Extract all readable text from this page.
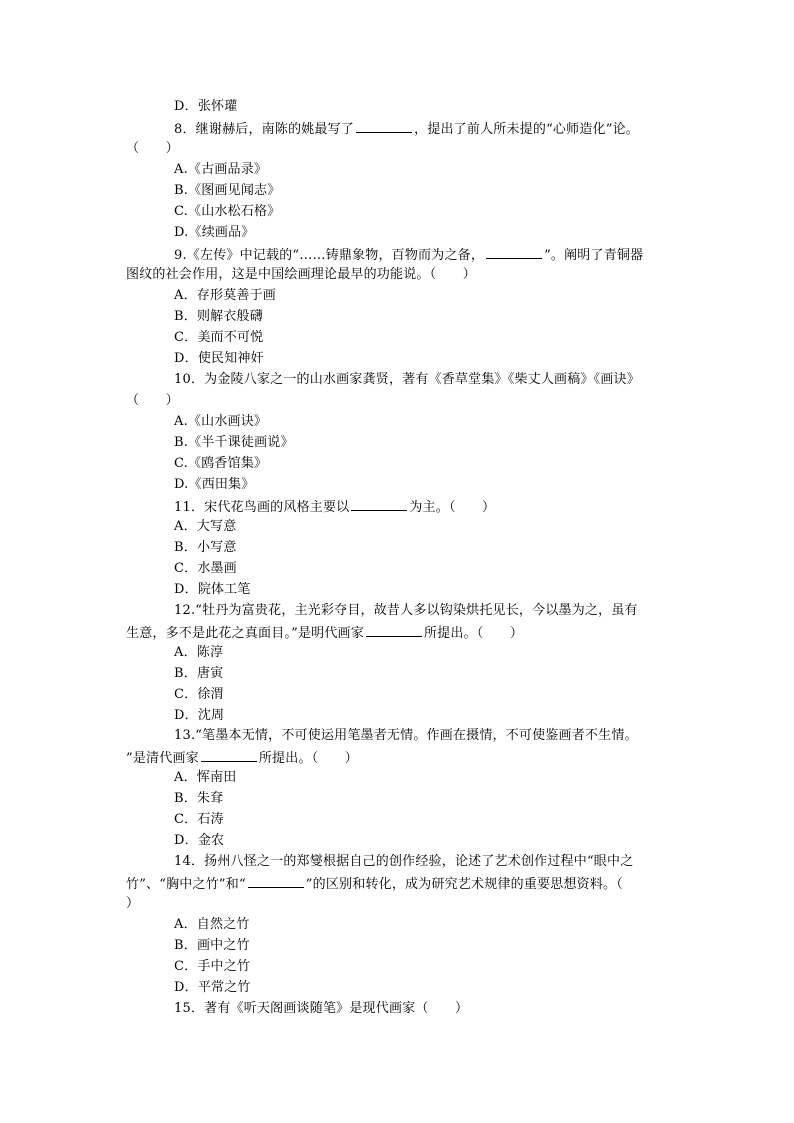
D．张怀瓘
8．继谢赫后，南陈的姚最写了	，提出了前人所未提的“心师造化”论。
（　　）
A.《古画品录》
B.《图画见闻志》
C.《山水松石格》
D.《续画品》
9.《左传》中记载的“……铸鼎象物，百物而为之备，	”。阐明了青铜器
图纹的社会作用，这是中国绘画理论最早的功能说。（　　）
A．存形莫善于画
B．则解衣般礴
C．美而不可悦
D．使民知神奸
10．为金陵八家之一的山水画家龚贤，著有《香草堂集》《柴丈人画稿》《画诀》
（　　）
A.《山水画诀》
B.《半千课徒画说》
C.《鸥香馆集》
D.《西田集》
11．宋代花鸟画的风格主要以	为主。（　　）
A．大写意
B．小写意
C．水墨画
D．院体工笔
12.“牡丹为富贵花，主光彩夺目，故昔人多以钩染烘托见长，今以墨为之，虽有
生意，多不是此花之真面目。”是明代画家	所提出。（　　）
A．陈淳
B．唐寅
C．徐渭
D．沈周
13.“笔墨本无情，不可使运用笔墨者无情。作画在摄情，不可使鉴画者不生情。
”是清代画家	所提出。（　　）
A．恽南田
B．朱耷
C．石涛
D．金农
14．扬州八怪之一的郑燮根据自己的创作经验，论述了艺术创作过程中“眼中之
竹”、“胸中之竹”和“	”的区别和转化，成为研究艺术规律的重要思想资料。（
）
A．自然之竹
B．画中之竹
C．手中之竹
D．平常之竹
15．著有《听天阁画谈随笔》是现代画家（　　）
